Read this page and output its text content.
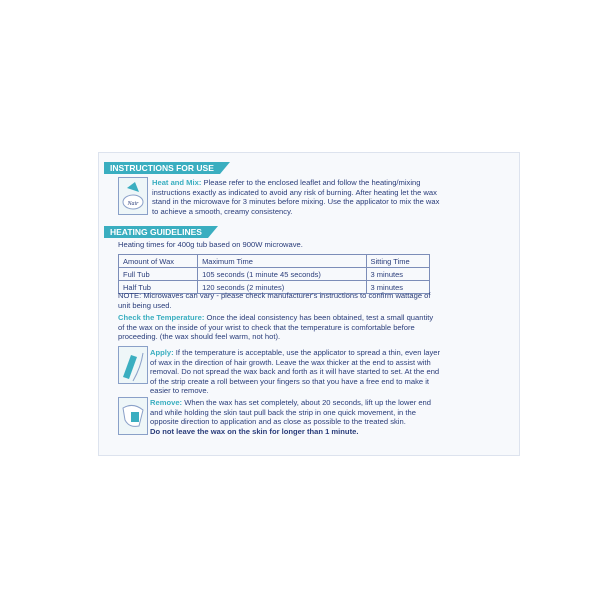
INSTRUCTIONS FOR USE
Nair
Heat and Mix: Please refer to the enclosed leaflet and follow the heating/mixing instructions exactly as indicated to avoid any risk of burning. After heating let the wax stand in the microwave for 3 minutes before mixing. Use the applicator to mix the wax to achieve a smooth, creamy consistency.
HEATING GUIDELINES
Heating times for 400g tub based on 900W microwave.
Amount of Wax	Maximum Time	Sitting Time
Full Tub	105 seconds (1 minute 45 seconds)	3 minutes
Half Tub	120 seconds (2 minutes)	3 minutes
NOTE: Microwaves can vary - please check manufacturer's instructions to confirm wattage of unit being used.
Check the Temperature: Once the ideal consistency has been obtained, test a small quantity of the wax on the inside of your wrist to check that the temperature is comfortable before proceeding. (the wax should feel warm, not hot).
Apply: If the temperature is acceptable, use the applicator to spread a thin, even layer of wax in the direction of hair growth. Leave the wax thicker at the end to assist with removal. Do not spread the wax back and forth as it will have started to set. At the end of the strip create a roll between your fingers so that you have a free end to make it easier to remove.
Remove: When the wax has set completely, about 20 seconds, lift up the lower end and while holding the skin taut pull back the strip in one quick movement, in the opposite direction to application and as close as possible to the treated skin.
Do not leave the wax on the skin for longer than 1 minute.
